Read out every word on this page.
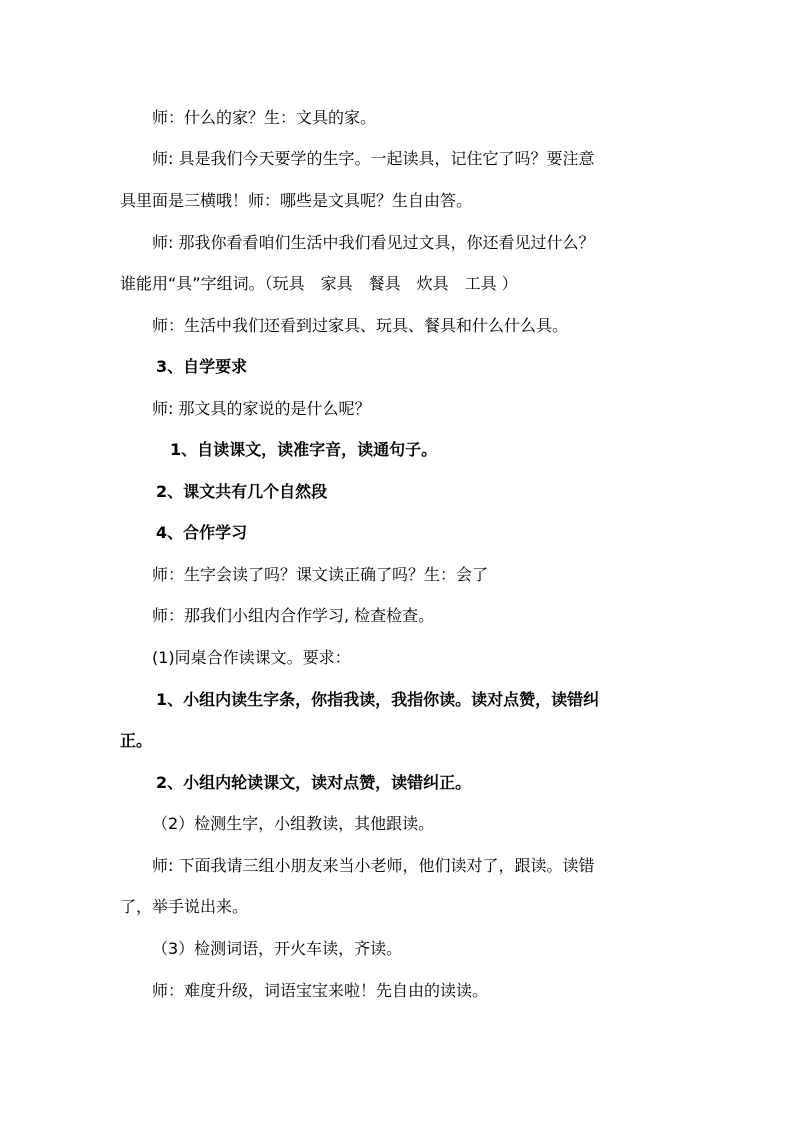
师：什么的家？生：文具的家。
师: 具是我们今天要学的生字。一起读具，记住它了吗？要注意
具里面是三横哦！师：哪些是文具呢？生自由答。
师: 那我你看看咱们生活中我们看见过文具，你还看见过什么？
谁能用“具”字组词。（玩具　家具　餐具　炊具　工具 ）
师：生活中我们还看到过家具、玩具、餐具和什么什么具。
3、自学要求
师: 那文具的家说的是什么呢？
1、自读课文，读准字音，读通句子。
2、课文共有几个自然段
4、合作学习
师：生字会读了吗？课文读正确了吗？生：会了
师：那我们小组内合作学习, 检查检查。
(1)同桌合作读课文。要求：
1、小组内读生字条，你指我读，我指你读。读对点赞，读错纠
正。
2、小组内轮读课文，读对点赞，读错纠正。
（2）检测生字，小组教读，其他跟读。
师: 下面我请三组小朋友来当小老师，他们读对了，跟读。读错
了，举手说出来。
（3）检测词语，开火车读，齐读。
师：难度升级，词语宝宝来啦！先自由的读读。
